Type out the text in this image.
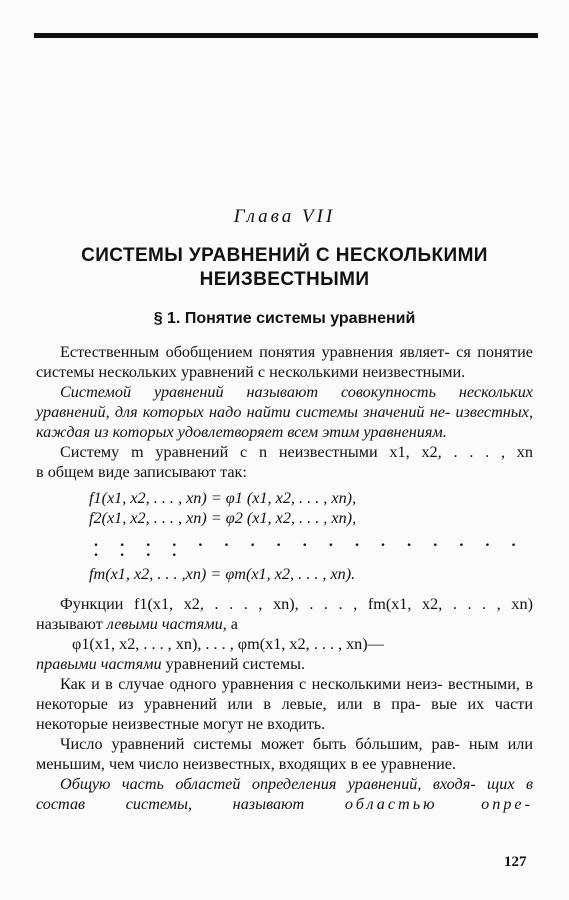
Глава VII
СИСТЕМЫ УРАВНЕНИЙ С НЕСКОЛЬКИМИ
НЕИЗВЕСТНЫМИ
§ 1. Понятие системы уравнений

Естественным обобщением понятия уравнения являет- ся понятие системы нескольких уравнений с несколькими неизвестными.

Системой уравнений называют совокупность нескольких уравнений, для которых надо найти системы значений не- известных, каждая из которых удовлетворяет всем этим уравнениям.

Систему m уравнений с n неизвестными x1, x2, . . . , xn

в общем виде записывают так:

f1(x1, x2, . . . , xn) = φ1 (x1, x2, . . . , xn),
f2(x1, x2, . . . , xn) = φ2 (x1, x2, . . . , xn),
. . . . . . . . . . . . . . . . . . . . .
fm(x1, x2, . . . ,xn) = φm(x1, x2, . . . , xn).

Функции f1(x1, x2, . . . , xn), . . . , fm(x1, x2, . . . , xn)

называют левыми частями, а

φ1(x1, x2, . . . , xn), . . . , φm(x1, x2, . . . , xn)—

правыми частями уравнений системы.

Как и в случае одного уравнения с несколькими неиз- вестными, в некоторые из уравнений или в левые, или в пра- вые их части некоторые неизвестные могут не входить.

Число уравнений системы может быть бóльшим, рав- ным или меньшим, чем число неизвестных, входящих в ее уравнение.

Общую часть областей определения уравнений, входя- щих в состав системы, называют	областью опре-

127
